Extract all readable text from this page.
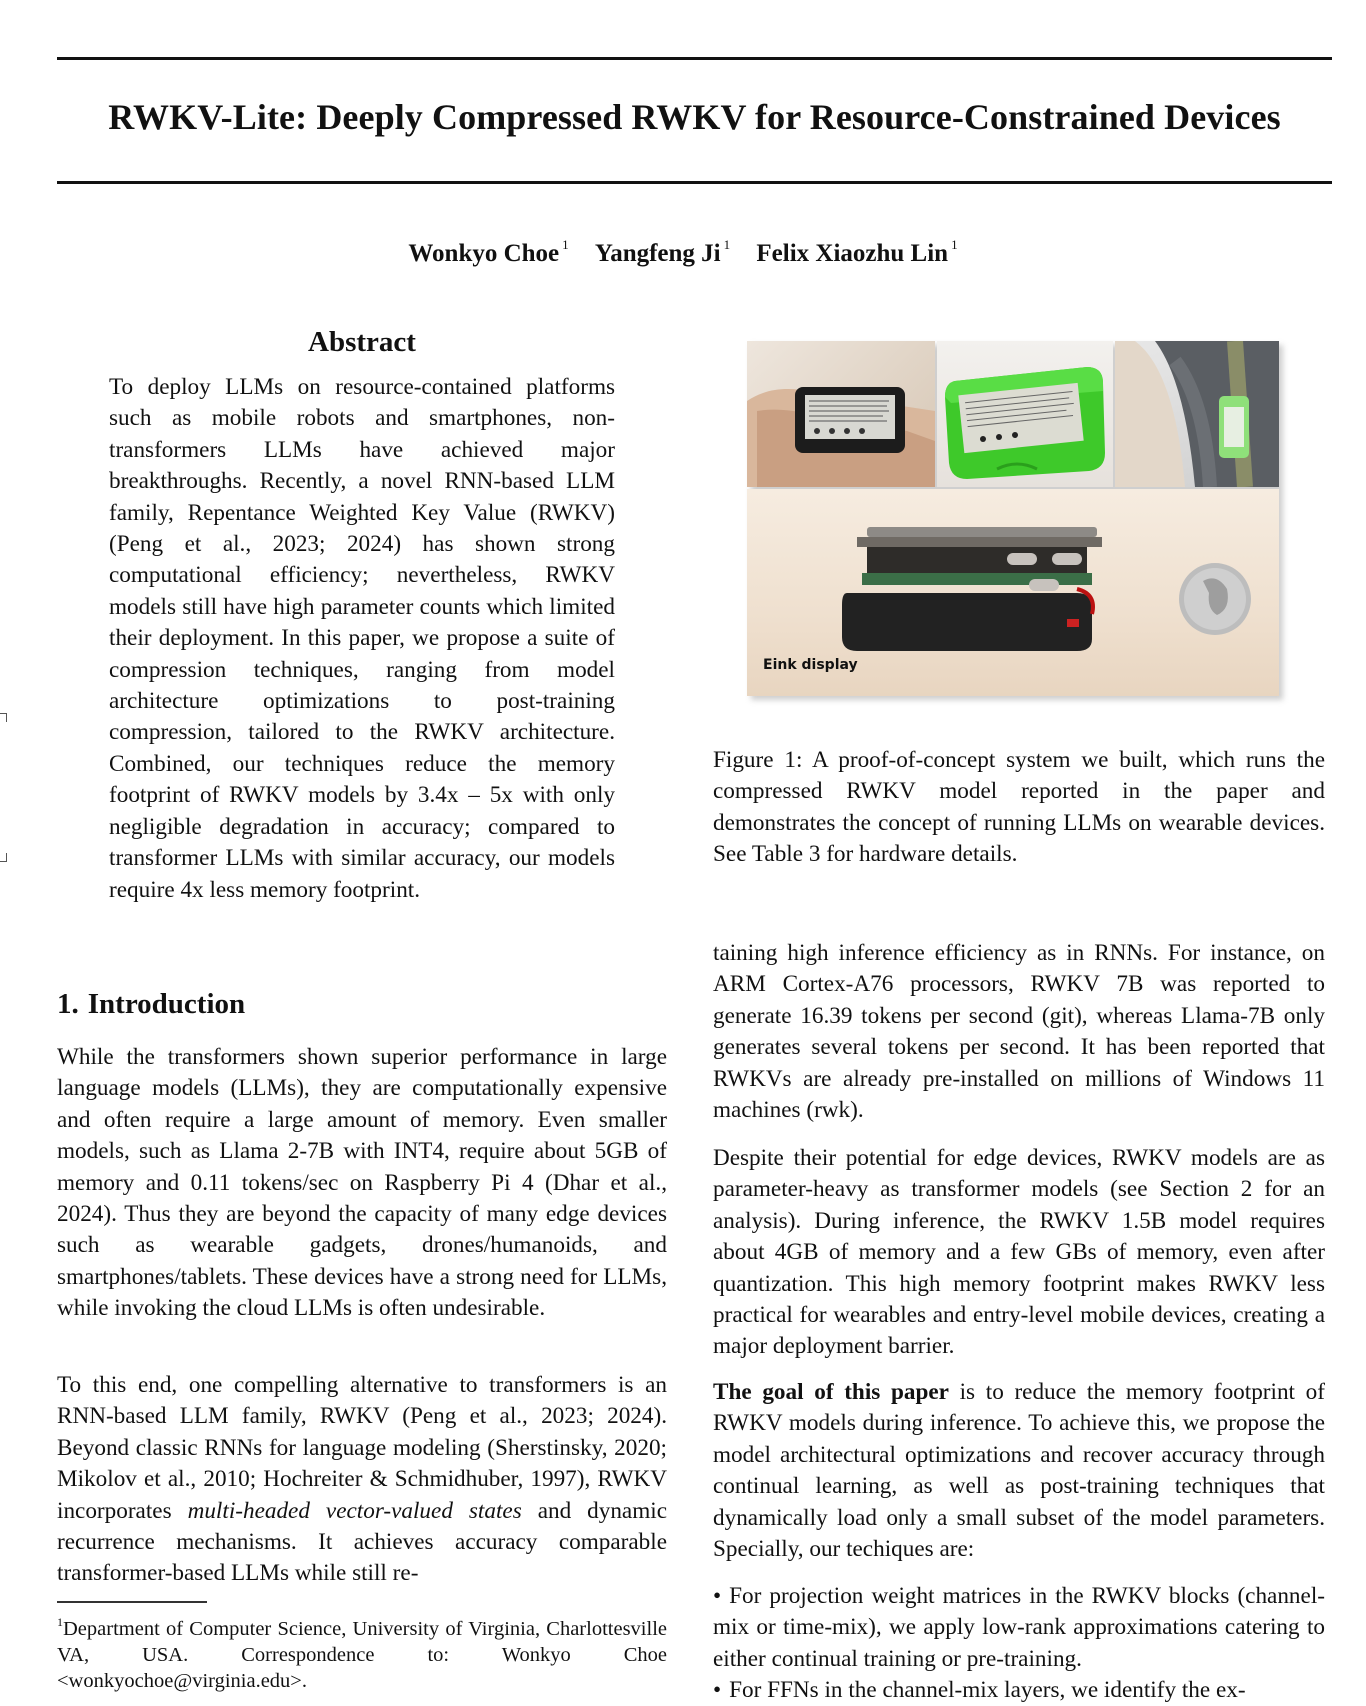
RWKV-Lite: Deeply Compressed RWKV for Resource-Constrained Devices
Wonkyo Choe $^1$ Yangfeng Ji $^1$ Felix Xiaozhu Lin $^1$
Abstract

To deploy LLMs on resource-contained platforms such as mobile robots and smartphones, non-transformers LLMs have achieved major breakthroughs. Recently, a novel RNN-based LLM family, Repentance Weighted Key Value (RWKV) (Peng et al., 2023; 2024) has shown strong computational efficiency; nevertheless, RWKV models still have high parameter counts which limited their deployment. In this paper, we propose a suite of compression techniques, ranging from model architecture optimizations to post-training compression, tailored to the RWKV architecture. Combined, our techniques reduce the memory footprint of RWKV models by 3.4x – 5x with only negligible degradation in accuracy; compared to transformer LLMs with similar accuracy, our models require 4x less memory footprint.

1. Introduction

While the transformers shown superior performance in large language models (LLMs), they are computationally expensive and often require a large amount of memory. Even smaller models, such as Llama 2-7B with INT4, require about 5GB of memory and 0.11 tokens/sec on Raspberry Pi 4 (Dhar et al., 2024). Thus they are beyond the capacity of many edge devices such as wearable gadgets, drones/humanoids, and smartphones/tablets. These devices have a strong need for LLMs, while invoking the cloud LLMs is often undesirable.

To this end, one compelling alternative to transformers is an RNN-based LLM family, RWKV (Peng et al., 2023; 2024). Beyond classic RNNs for language modeling (Sherstinsky, 2020; Mikolov et al., 2010; Hochreiter & Schmidhuber, 1997), RWKV incorporates multi-headed vector-valued states and dynamic recurrence mechanisms. It achieves accuracy comparable transformer-based LLMs while still re-

$^1$Department of Computer Science, University of Virginia, Charlottesville VA, USA. Correspondence to: Wonkyo Choe <wonkyochoe@virginia.edu>.

Eink display

Figure 1: A proof-of-concept system we built, which runs the compressed RWKV model reported in the paper and demonstrates the concept of running LLMs on wearable devices. See Table 3 for hardware details.

taining high inference efficiency as in RNNs. For instance, on ARM Cortex-A76 processors, RWKV 7B was reported to generate 16.39 tokens per second (git), whereas Llama-7B only generates several tokens per second. It has been reported that RWKVs are already pre-installed on millions of Windows 11 machines (rwk).

Despite their potential for edge devices, RWKV models are as parameter-heavy as transformer models (see Section 2 for an analysis). During inference, the RWKV 1.5B model requires about 4GB of memory and a few GBs of memory, even after quantization. This high memory footprint makes RWKV less practical for wearables and entry-level mobile devices, creating a major deployment barrier.

The goal of this paper is to reduce the memory footprint of RWKV models during inference. To achieve this, we propose the model architectural optimizations and recover accuracy through continual learning, as well as post-training techniques that dynamically load only a small subset of the model parameters. Specially, our techiques are:

• For projection weight matrices in the RWKV blocks (channel-mix or time-mix), we apply low-rank approximations catering to either continual training or pre-training.

• For FFNs in the channel-mix layers, we identify the ex-
